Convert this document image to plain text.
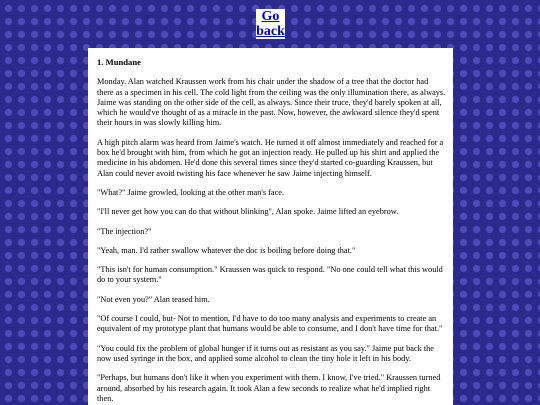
Go
back
1. Mundane

Monday. Alan watched Kraussen work from his chair under the shadow of a tree that the doctor had there as a specimen in his cell. The cold light from the ceiling was the only illumination there, as always. Jaime was standing on the other side of the cell, as always. Since their truce, they'd barely spoken at all, which he would've thought of as a miracle in the past. Now, however, the awkward silence they'd spent their hours in was slowly killing him.

A high pitch alarm was heard from Jaime's watch. He turned it off almost immediately and reached for a box he'd brought with him, from which he got an injection ready. He pulled up his shirt and applied the medicine in his abdomen. He'd done this several times since they'd started co-guarding Kraussen, but Alan could never avoid twisting his face whenever he saw Jaime injecting himself.

"What?" Jaime growled, looking at the other man's face.

"I'll never get how you can do that without blinking", Alan spoke. Jaime lifted an eyebrow.

"The injection?"

"Yeah, man. I'd rather swallow whatever the doc is boiling before doing that."

"This isn't for human consumption." Kraussen was quick to respond. "No one could tell what this would do to your system."

"Not even you?" Alan teased him.

"Of course I could, but- Not to mention, I'd have to do too many analysis and experiments to create an equivalent of my prototype plant that humans would be able to consume, and I don't have time for that."

"You could fix the problem of global hunger if it turns out as resistant as you say." Jaime put back the now used syringe in the box, and applied some alcohol to clean the tiny hole it left in his body.

"Perhaps, but humans don't like it when you experiment with them. I know, I've tried." Kraussen turned around, absorbed by his research again. It took Alan a few seconds to realize what he'd implied right then.
